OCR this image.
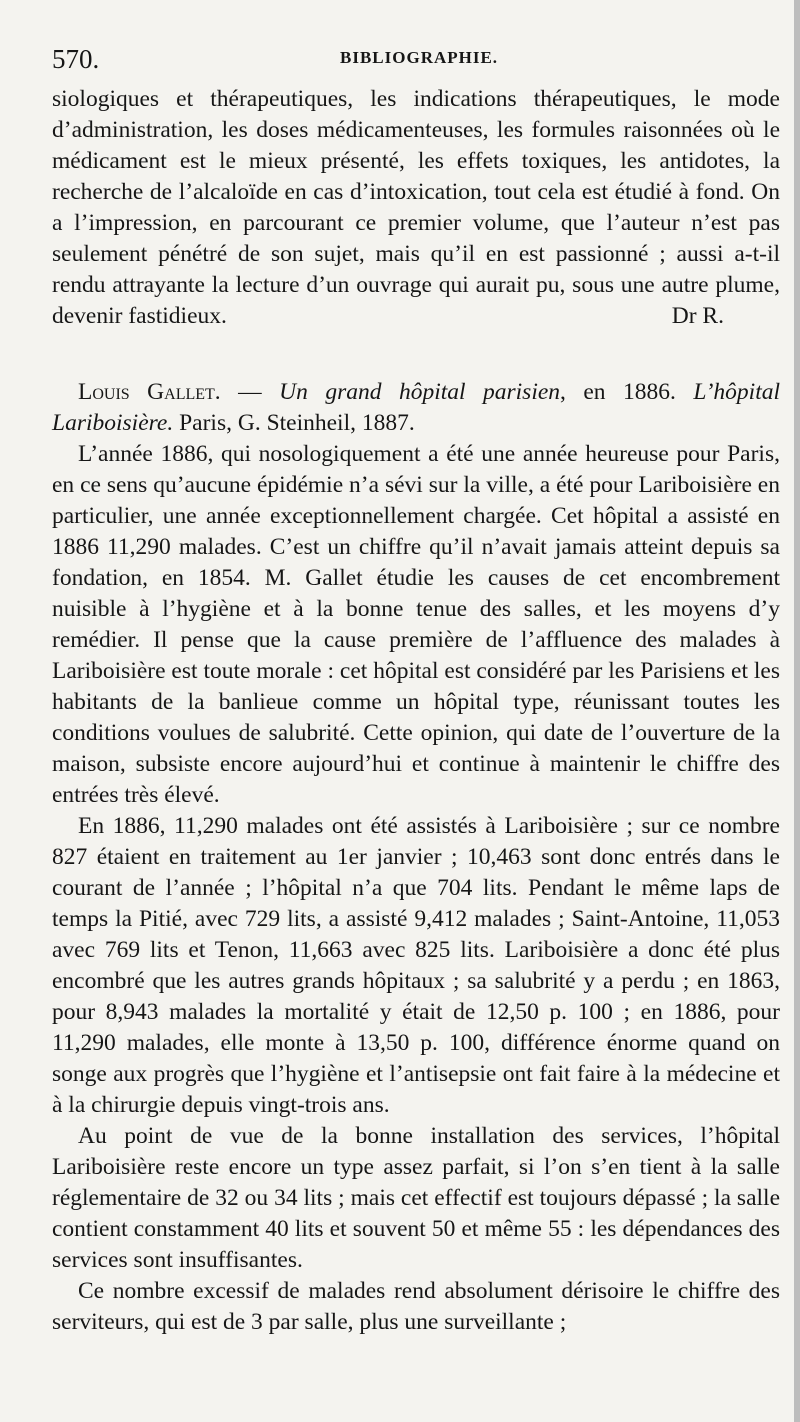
570.	BIBLIOGRAPHIE.

siologiques et thérapeutiques, les indications thérapeutiques, le mode d’administration, les doses médicamenteuses, les formules raisonnées où le médicament est le mieux présenté, les effets toxiques, les antidotes, la recherche de l’alcaloïde en cas d’intoxication, tout cela est étudié à fond. On a l’impression, en parcourant ce premier volume, que l’auteur n’est pas seulement pénétré de son sujet, mais qu’il en est passionné ; aussi a-t-il rendu attrayante la lecture d’un ouvrage qui aurait pu, sous une autre plume, devenir fastidieux.	Dr R.

Louis Gallet. — Un grand hôpital parisien, en 1886. L’hôpital Lariboisière. Paris, G. Steinheil, 1887.

L’année 1886, qui nosologiquement a été une année heureuse pour Paris, en ce sens qu’aucune épidémie n’a sévi sur la ville, a été pour Lariboisière en particulier, une année exceptionnellement chargée. Cet hôpital a assisté en 1886 11,290 malades. C’est un chiffre qu’il n’avait jamais atteint depuis sa fondation, en 1854. M. Gallet étudie les causes de cet encombrement nuisible à l’hygiène et à la bonne tenue des salles, et les moyens d’y remédier. Il pense que la cause première de l’affluence des malades à Lariboisière est toute morale : cet hôpital est considéré par les Parisiens et les habitants de la banlieue comme un hôpital type, réunissant toutes les conditions voulues de salubrité. Cette opinion, qui date de l’ouverture de la maison, subsiste encore aujourd’hui et continue à maintenir le chiffre des entrées très élevé.

En 1886, 11,290 malades ont été assistés à Lariboisière ; sur ce nombre 827 étaient en traitement au 1er janvier ; 10,463 sont donc entrés dans le courant de l’année ; l’hôpital n’a que 704 lits. Pendant le même laps de temps la Pitié, avec 729 lits, a assisté 9,412 malades ; Saint-Antoine, 11,053 avec 769 lits et Tenon, 11,663 avec 825 lits. Lariboisière a donc été plus encombré que les autres grands hôpitaux ; sa salubrité y a perdu ; en 1863, pour 8,943 malades la mortalité y était de 12,50 p. 100 ; en 1886, pour 11,290 malades, elle monte à 13,50 p. 100, différence énorme quand on songe aux progrès que l’hygiène et l’antisepsie ont fait faire à la médecine et à la chirurgie depuis vingt-trois ans.

Au point de vue de la bonne installation des services, l’hôpital Lariboisière reste encore un type assez parfait, si l’on s’en tient à la salle réglementaire de 32 ou 34 lits ; mais cet effectif est toujours dépassé ; la salle contient constamment 40 lits et souvent 50 et même 55 : les dépendances des services sont insuffisantes.

Ce nombre excessif de malades rend absolument dérisoire le chiffre des serviteurs, qui est de 3 par salle, plus une surveillante ;
